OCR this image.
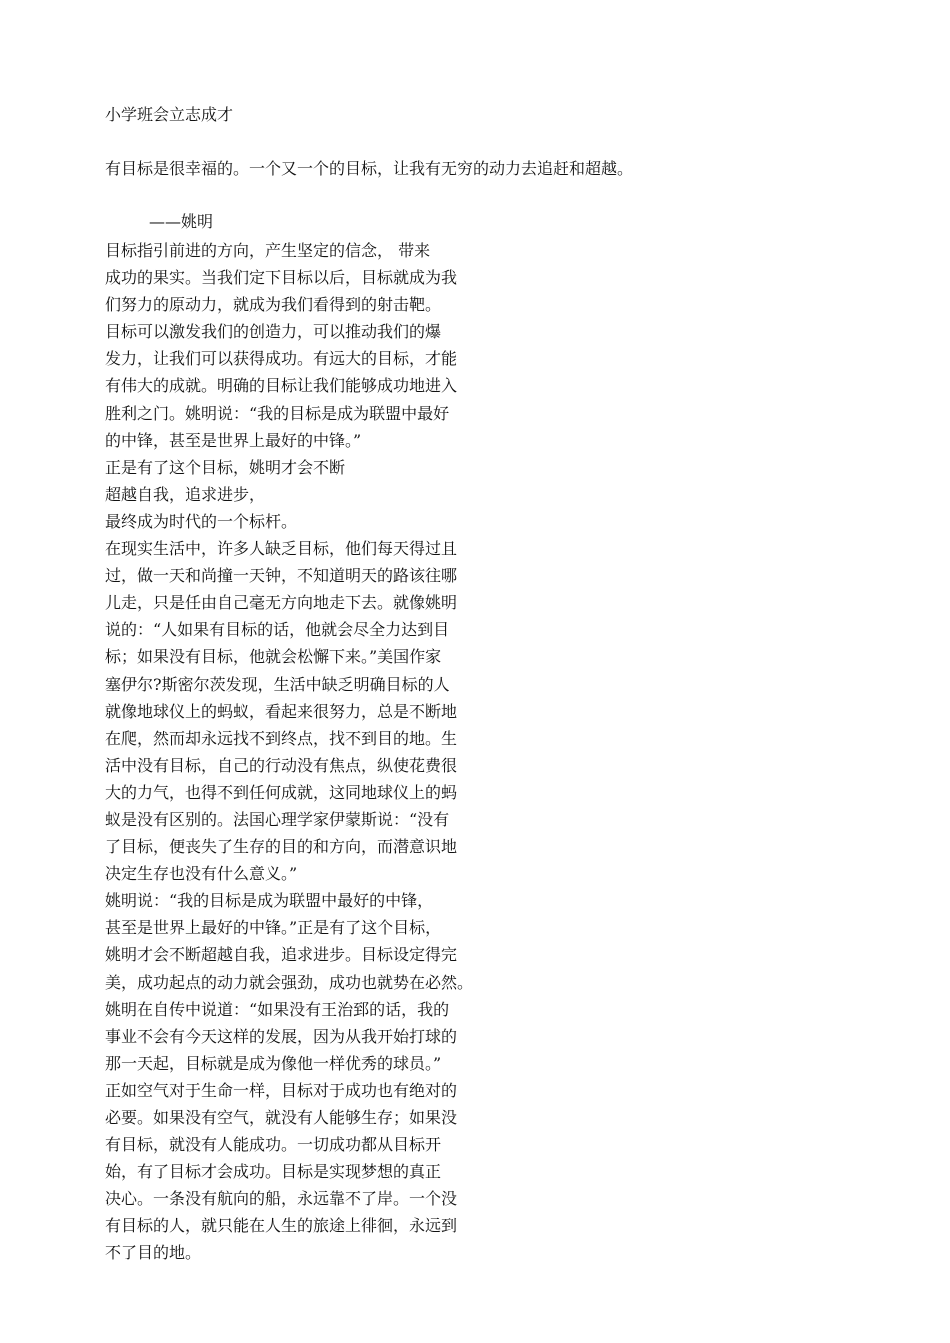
小学班会立志成才
有目标是很幸福的。一个又一个的目标，让我有无穷的动力去追赶和超越。
——姚明
目标指引前进的方向，产生坚定的信念， 带来
成功的果实。当我们定下目标以后，目标就成为我
们努力的原动力，就成为我们看得到的射击靶。
目标可以激发我们的创造力，可以推动我们的爆
发力，让我们可以获得成功。有远大的目标，才能
有伟大的成就。明确的目标让我们能够成功地进入
胜利之门。姚明说：“我的目标是成为联盟中最好
的中锋，甚至是世界上最好的中锋。”
正是有了这个目标，姚明才会不断
超越自我，追求进步，
最终成为时代的一个标杆。
在现实生活中，许多人缺乏目标，他们每天得过且
过，做一天和尚撞一天钟，不知道明天的路该往哪
儿走，只是任由自己毫无方向地走下去。就像姚明
说的：“人如果有目标的话，他就会尽全力达到目
标；如果没有目标，他就会松懈下来。”美国作家
塞伊尔?斯密尔茨发现，生活中缺乏明确目标的人
就像地球仪上的蚂蚁，看起来很努力，总是不断地
在爬，然而却永远找不到终点，找不到目的地。生
活中没有目标，自己的行动没有焦点，纵使花费很
大的力气，也得不到任何成就，这同地球仪上的蚂
蚁是没有区别的。法国心理学家伊蒙斯说：“没有
了目标，便丧失了生存的目的和方向，而潜意识地
决定生存也没有什么意义。”
姚明说：“我的目标是成为联盟中最好的中锋，
甚至是世界上最好的中锋。”正是有了这个目标，
姚明才会不断超越自我，追求进步。目标设定得完
美，成功起点的动力就会强劲，成功也就势在必然。
姚明在自传中说道：“如果没有王治郅的话，我的
事业不会有今天这样的发展，因为从我开始打球的
那一天起，目标就是成为像他一样优秀的球员。”
正如空气对于生命一样，目标对于成功也有绝对的
必要。如果没有空气，就没有人能够生存；如果没
有目标，就没有人能成功。一切成功都从目标开
始，有了目标才会成功。目标是实现梦想的真正
决心。一条没有航向的船，永远靠不了岸。一个没
有目标的人，就只能在人生的旅途上徘徊，永远到
不了目的地。
